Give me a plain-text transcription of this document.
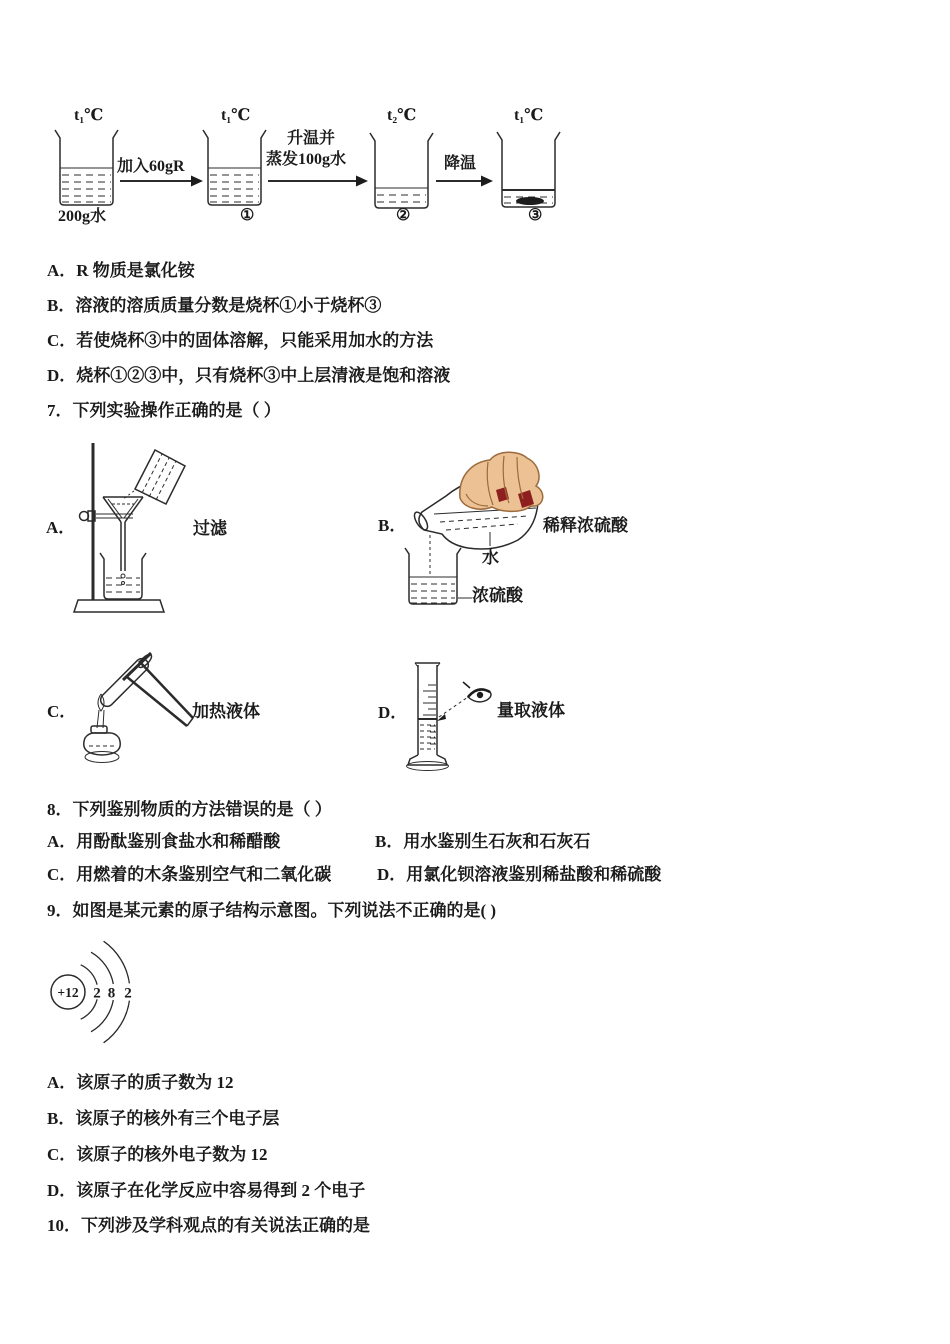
t₁℃	t₁℃	t₂℃	t₁℃
加入60gR
升温并
蒸发100g水	降温
200g水	①	②	③
A．R 物质是氯化铵
B．溶液的溶质质量分数是烧杯①小于烧杯③
C．若使烧杯③中的固体溶解，只能采用加水的方法
D．烧杯①②③中，只有烧杯③中上层清液是饱和溶液
7．下列实验操作正确的是（ ）
A．	过滤	B．	稀释浓硫酸
水
浓硫酸
C．	加热液体	D．	量取液体
8．下列鉴别物质的方法错误的是（ ）
A．用酚酞鉴别食盐水和稀醋酸	B．用水鉴别生石灰和石灰石
C．用燃着的木条鉴别空气和二氧化碳	D．用氯化钡溶液鉴别稀盐酸和稀硫酸
9．如图是某元素的原子结构示意图。下列说法不正确的是( )
+12 2 8 2
A．该原子的质子数为 12
B．该原子的核外有三个电子层
C．该原子的核外电子数为 12
D．该原子在化学反应中容易得到 2 个电子
10．下列涉及学科观点的有关说法正确的是
